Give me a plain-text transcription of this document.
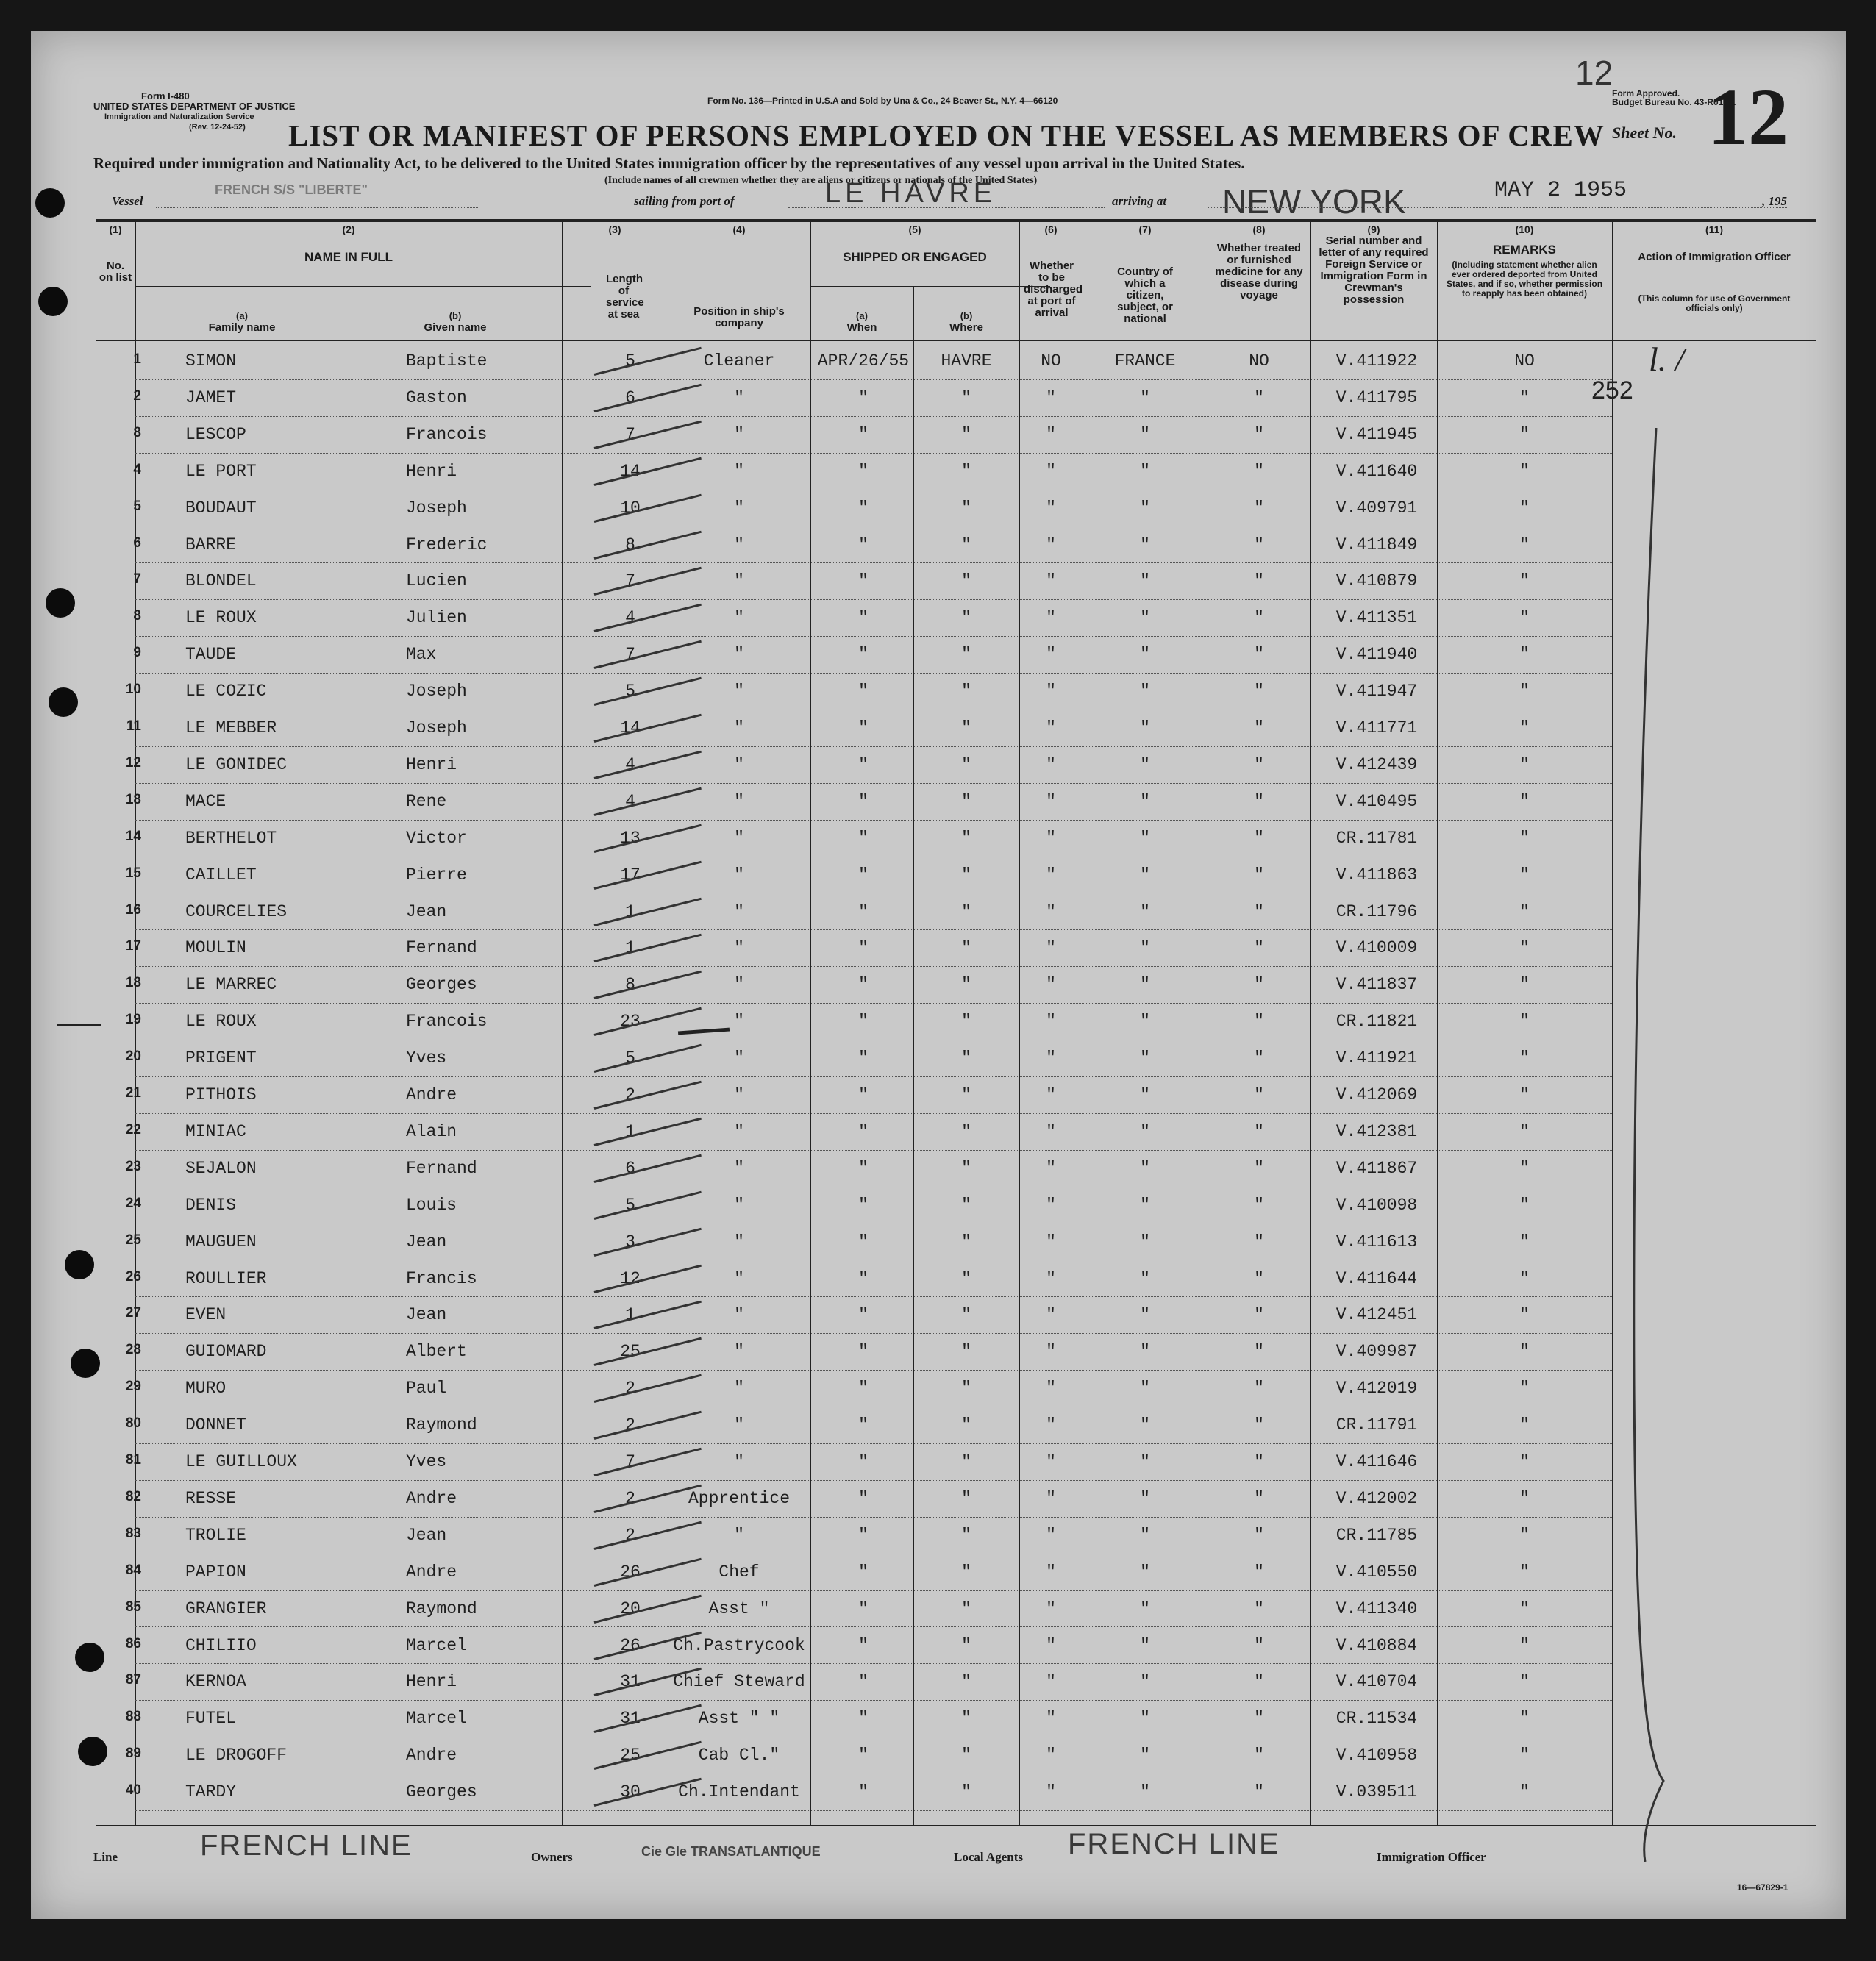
Form I-480
UNITED STATES DEPARTMENT OF JUSTICE
Immigration and Naturalization Service
(Rev. 12-24-52)
Form No. 136—Printed in U.S.A and Sold by Una & Co., 24 Beaver St., N.Y. 4—66120
Form Approved.
Budget Bureau No. 43-R018.1
12
Sheet No. 12
LIST OR MANIFEST OF PERSONS EMPLOYED ON THE VESSEL AS MEMBERS OF CREW
Required under immigration and Nationality Act, to be delivered to the United States immigration officer by the representatives of any vessel upon arrival in the United States.
(Include names of all crewmen whether they are aliens or citizens or nationals of the United States)
Vessel
FRENCH S/S "LIBERTE"
sailing from port of	LE HAVRE	arriving at NEW YORK	MAY 2 1955	, 195
(1)
No. on list
(2)
NAME IN FULL
(a)
Family name
(b)
Given name
(3)
Length of service at sea
(4)
Position in ship's company
(5)
SHIPPED OR ENGAGED
(a)
When
(b)
Where
(6)
Whether to be discharged at port of arrival
(7)
Country of which a citizen, subject, or national
(8)
Whether treated or furnished medicine for any disease during voyage
(9)
Serial number and letter of any required Foreign Service or Immigration Form in Crewman's possession
(10)
REMARKS
(Including statement whether alien ever ordered deported from United States, and if so, whether permission to reapply has been obtained)
(11)
Action of Immigration Officer
(This column for use of Government officials only)
1	SIMON	Baptiste	5	Cleaner	APR/26/55	HAVRE	NO	FRANCE	NO	V.411922	NO
2	JAMET	Gaston	6	"	"	"	"	"	"	V.411795	"
8	LESCOP	Francois	7	"	"	"	"	"	"	V.411945	"
4	LE PORT	Henri	14	"	"	"	"	"	"	V.411640	"
5	BOUDAUT	Joseph	10	"	"	"	"	"	"	V.409791	"
6	BARRE	Frederic	8	"	"	"	"	"	"	V.411849	"
7	BLONDEL	Lucien	7	"	"	"	"	"	"	V.410879	"
8	LE ROUX	Julien	4	"	"	"	"	"	"	V.411351	"
9	TAUDE	Max	7	"	"	"	"	"	"	V.411940	"
10	LE COZIC	Joseph	5	"	"	"	"	"	"	V.411947	"
11	LE MEBBER	Joseph	14	"	"	"	"	"	"	V.411771	"
12	LE GONIDEC	Henri	4	"	"	"	"	"	"	V.412439	"
18	MACE	Rene	4	"	"	"	"	"	"	V.410495	"
14	BERTHELOT	Victor	13	"	"	"	"	"	"	CR.11781	"
15	CAILLET	Pierre	17	"	"	"	"	"	"	V.411863	"
16	COURCELIES	Jean	1	"	"	"	"	"	"	CR.11796	"
17	MOULIN	Fernand	1	"	"	"	"	"	"	V.410009	"
18	LE MARREC	Georges	8	"	"	"	"	"	"	V.411837	"
19	LE ROUX	Francois	23	"	"	"	"	"	"	CR.11821	"
20	PRIGENT	Yves	5	"	"	"	"	"	"	V.411921	"
21	PITHOIS	Andre	2	"	"	"	"	"	"	V.412069	"
22	MINIAC	Alain	1	"	"	"	"	"	"	V.412381	"
23	SEJALON	Fernand	6	"	"	"	"	"	"	V.411867	"
24	DENIS	Louis	5	"	"	"	"	"	"	V.410098	"
25	MAUGUEN	Jean	3	"	"	"	"	"	"	V.411613	"
26	ROULLIER	Francis	12	"	"	"	"	"	"	V.411644	"
27	EVEN	Jean	1	"	"	"	"	"	"	V.412451	"
28	GUIOMARD	Albert	25	"	"	"	"	"	"	V.409987	"
29	MURO	Paul	2	"	"	"	"	"	"	V.412019	"
80	DONNET	Raymond	2	"	"	"	"	"	"	CR.11791	"
81	LE GUILLOUX	Yves	7	"	"	"	"	"	"	V.411646	"
82	RESSE	Andre	2	Apprentice	"	"	"	"	"	V.412002	"
83	TROLIE	Jean	2	"	"	"	"	"	"	CR.11785	"
84	PAPION	Andre	26	Chef	"	"	"	"	"	V.410550	"
85	GRANGIER	Raymond	20	Asst "	"	"	"	"	"	V.411340	"
86	CHILIIO	Marcel	26	Ch.Pastrycook	"	"	"	"	"	V.410884	"
87	KERNOA	Henri	31	Chief Steward	"	"	"	"	"	V.410704	"
88	FUTEL	Marcel	31	Asst " "	"	"	"	"	"	CR.11534	"
89	LE DROGOFF	Andre	25	Cab Cl."	"	"	"	"	"	V.410958	"
40	TARDY	Georges	30	Ch.Intendant	"	"	"	"	"	V.039511	"
252
l. /
Line	FRENCH LINE	Owners	Cie Gle TRANSATLANTIQUE	Local Agents FRENCH LINE	Immigration Officer
16—67829-1
